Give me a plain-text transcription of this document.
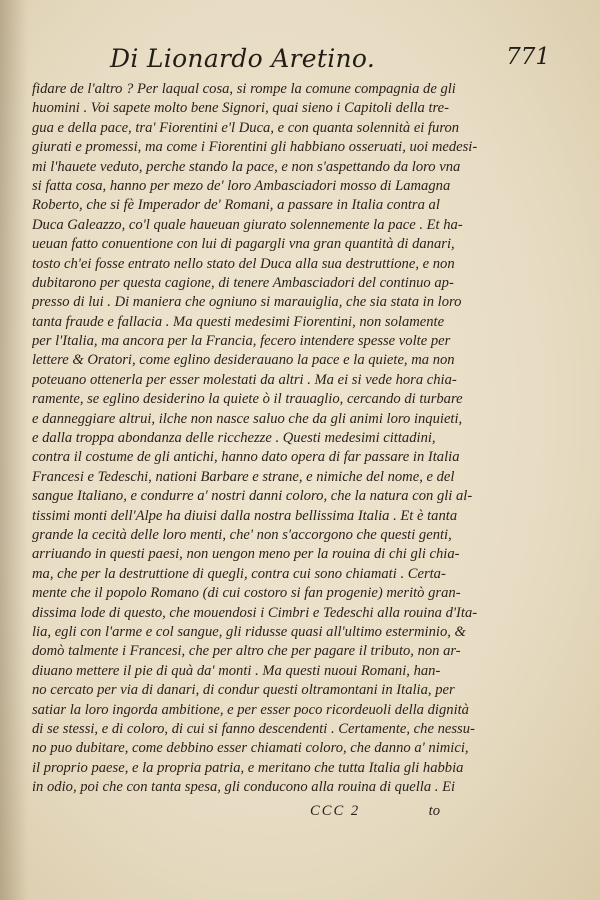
Di Lionardo Aretino.	771
fidare de l'altro ? Per laqual cosa, si rompe la comune compagnia de gli
huomini . Voi sapete molto bene Signori, quai sieno i Capitoli della tre-
gua e della pace, tra' Fiorentini e'l Duca, e con quanta solennità ei furon
giurati e promessi, ma come i Fiorentini gli habbiano osseruati, uoi medesi-
mi l'hauete veduto, perche stando la pace, e non s'aspettando da loro vna
si fatta cosa, hanno per mezo de' loro Ambasciadori mosso di Lamagna
Roberto, che si fè Imperador de' Romani, a passare in Italia contra al
Duca Galeazzo, co'l quale haueuan giurato solennemente la pace . Et ha-
ueuan fatto conuentione con lui di pagargli vna gran quantità di danari,
tosto ch'ei fosse entrato nello stato del Duca alla sua destruttione, e non
dubitarono per questa cagione, di tenere Ambasciadori del continuo ap-
presso di lui . Di maniera che ogniuno si marauiglia, che sia stata in loro
tanta fraude e fallacia . Ma questi medesimi Fiorentini, non solamente
per l'Italia, ma ancora per la Francia, fecero intendere spesse volte per
lettere & Oratori, come eglino desiderauano la pace e la quiete, ma non
poteuano ottenerla per esser molestati da altri . Ma ei si vede hora chia-
ramente, se eglino desiderino la quiete ò il trauaglio, cercando di turbare
e danneggiare altrui, ilche non nasce saluo che da gli animi loro inquieti,
e dalla troppa abondanza delle ricchezze . Questi medesimi cittadini,
contra il costume de gli antichi, hanno dato opera di far passare in Italia
Francesi e Tedeschi, nationi Barbare e strane, e nimiche del nome, e del
sangue Italiano, e condurre a' nostri danni coloro, che la natura con gli al-
tissimi monti dell'Alpe ha diuisi dalla nostra bellissima Italia . Et è tanta
grande la cecità delle loro menti, che' non s'accorgono che questi genti,
arriuando in questi paesi, non uengon meno per la rouina di chi gli chia-
ma, che per la destruttione di quegli, contra cui sono chiamati . Certa-
mente che il popolo Romano (di cui costoro si fan progenie) meritò gran-
dissima lode di questo, che mouendosi i Cimbri e Tedeschi alla rouina d'Ita-
lia, egli con l'arme e col sangue, gli ridusse quasi all'ultimo esterminio, &
domò talmente i Francesi, che per altro che per pagare il tributo, non ar-
diuano mettere il pie di quà da' monti . Ma questi nuoui Romani, han-
no cercato per via di danari, di condur questi oltramontani in Italia, per
satiar la loro ingorda ambitione, e per esser poco ricordeuoli della dignità
di se stessi, e di coloro, di cui si fanno descendenti . Certamente, che nessu-
no puo dubitare, come debbino esser chiamati coloro, che danno a' nimici,
il proprio paese, e la propria patria, e meritano che tutta Italia gli habbia
in odio, poi che con tanta spesa, gli conducono alla rouina di quella . Ei
CCC 2	to
